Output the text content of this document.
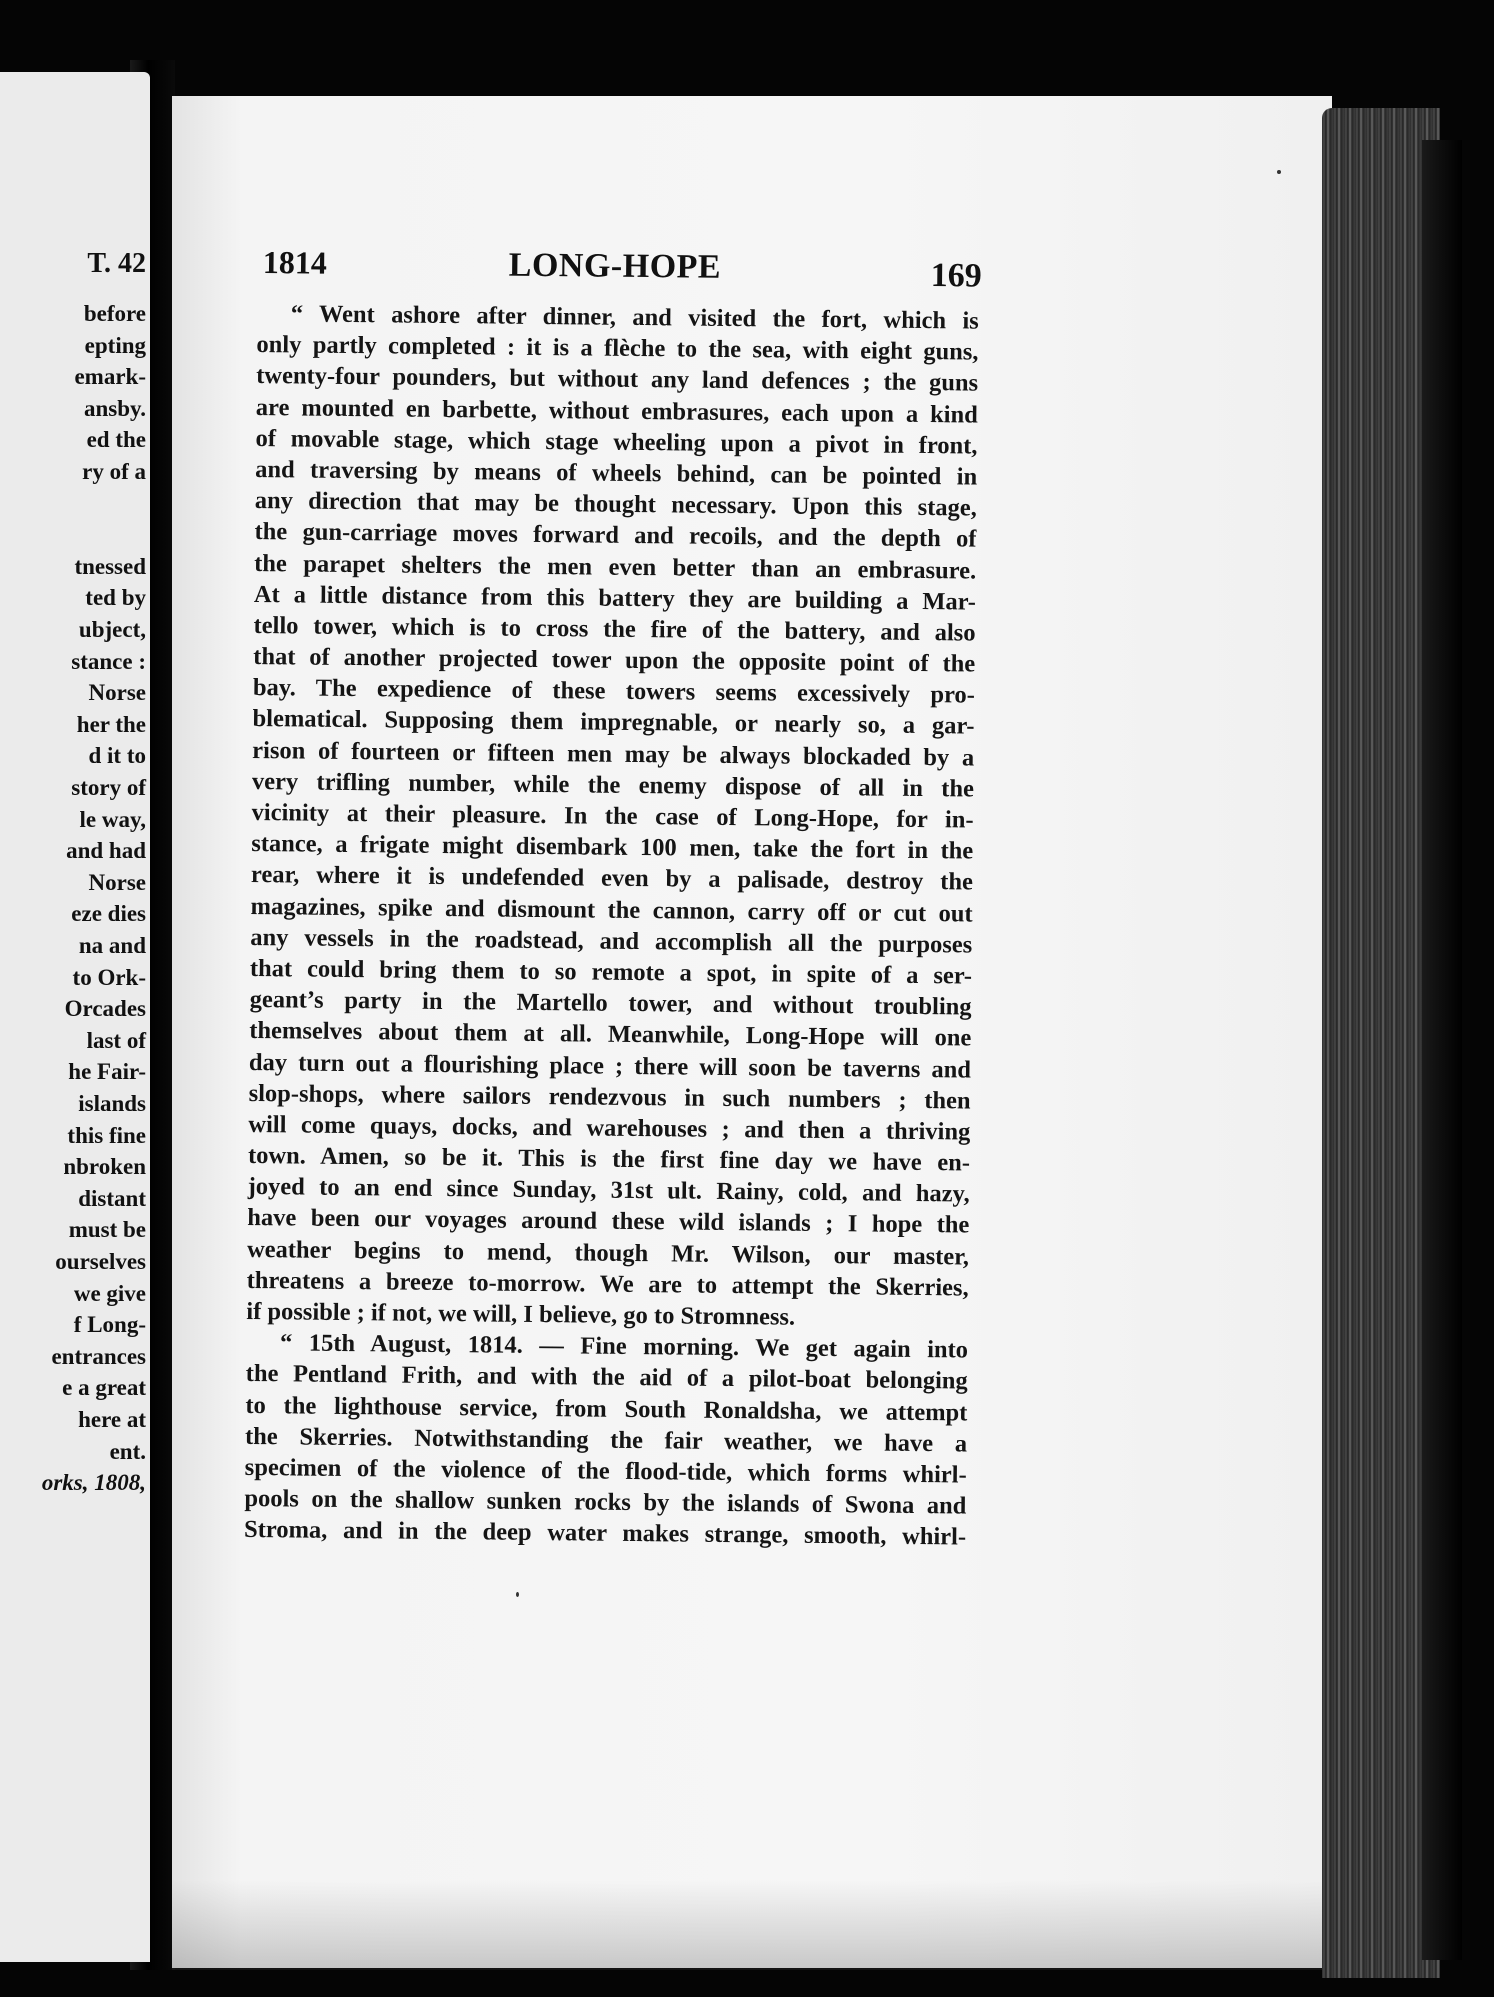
T. 42
before
epting
emark-
ansby.
ed the
ry of a
tnessed
ted by
ubject,
stance :
Norse
her the
d it to
story of
le way,
and had
Norse
eze dies
na and
to Ork-
Orcades
last of
he Fair-
islands
this fine
nbroken
distant
must be
ourselves
we give
f Long-
entrances
e a great
here at
ent.
orks, 1808,
1814	LONG-HOPE	169
“ Went ashore after dinner, and visited the fort, which is
only partly completed : it is a flèche to the sea, with eight guns,
twenty-four pounders, but without any land defences ; the guns
are mounted en barbette, without embrasures, each upon a kind
of movable stage, which stage wheeling upon a pivot in front,
and traversing by means of wheels behind, can be pointed in
any direction that may be thought necessary. Upon this stage,
the gun-carriage moves forward and recoils, and the depth of
the parapet shelters the men even better than an embrasure.
At a little distance from this battery they are building a Mar-
tello tower, which is to cross the fire of the battery, and also
that of another projected tower upon the opposite point of the
bay. The expedience of these towers seems excessively pro-
blematical. Supposing them impregnable, or nearly so, a gar-
rison of fourteen or fifteen men may be always blockaded by a
very trifling number, while the enemy dispose of all in the
vicinity at their pleasure. In the case of Long-Hope, for in-
stance, a frigate might disembark 100 men, take the fort in the
rear, where it is undefended even by a palisade, destroy the
magazines, spike and dismount the cannon, carry off or cut out
any vessels in the roadstead, and accomplish all the purposes
that could bring them to so remote a spot, in spite of a ser-
geant’s party in the Martello tower, and without troubling
themselves about them at all. Meanwhile, Long-Hope will one
day turn out a flourishing place ; there will soon be taverns and
slop-shops, where sailors rendezvous in such numbers ; then
will come quays, docks, and warehouses ; and then a thriving
town. Amen, so be it. This is the first fine day we have en-
joyed to an end since Sunday, 31st ult. Rainy, cold, and hazy,
have been our voyages around these wild islands ; I hope the
weather begins to mend, though Mr. Wilson, our master,
threatens a breeze to-morrow. We are to attempt the Skerries,
if possible ; if not, we will, I believe, go to Stromness.
“ 15th August, 1814. — Fine morning. We get again into
the Pentland Frith, and with the aid of a pilot-boat belonging
to the lighthouse service, from South Ronaldsha, we attempt
the Skerries. Notwithstanding the fair weather, we have a
specimen of the violence of the flood-tide, which forms whirl-
pools on the shallow sunken rocks by the islands of Swona and
Stroma, and in the deep water makes strange, smooth, whirl-
